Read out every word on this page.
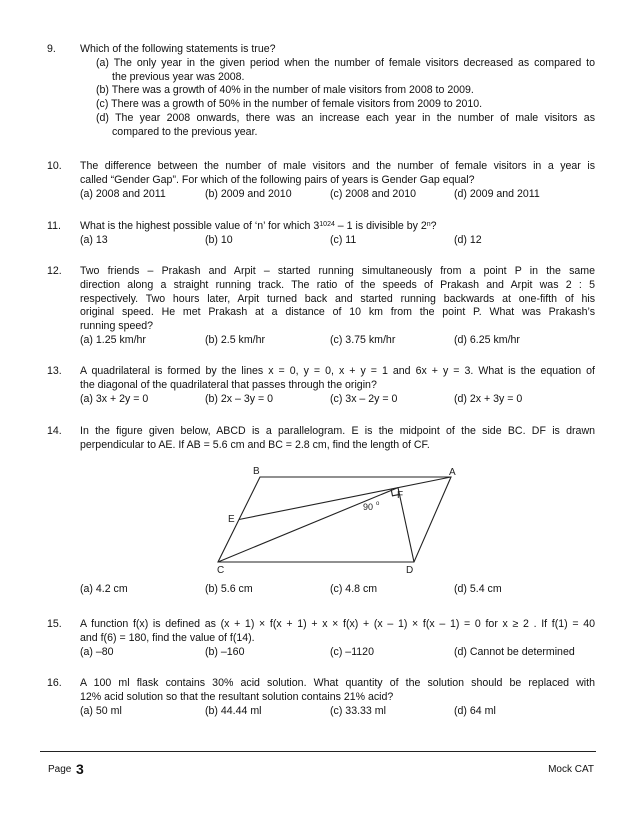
9. Which of the following statements is true?
(a) The only year in the given period when the number of female visitors decreased as compared to
the previous year was 2008.
(b) There was a growth of 40% in the number of male visitors from 2008 to 2009.
(c) There was a growth of 50% in the number of female visitors from 2009 to 2010.
(d) The year 2008 onwards, there was an increase each year in the number of male visitors as
compared to the previous year.
10. The difference between the number of male visitors and the number of female visitors in a year is
called “Gender Gap”. For which of the following pairs of years is Gender Gap equal?
(a) 2008 and 2011	(b) 2009 and 2010	(c) 2008 and 2010	(d) 2009 and 2011
11. What is the highest possible value of ‘n’ for which $3^{1024} - 1$ is divisible by 2$^n$?
(a) 13	(b) 10	(c) 11	(d) 12
12. Two friends – Prakash and Arpit – started running simultaneously from a point P in the same
direction along a straight running track. The ratio of the speeds of Prakash and Arpit was 2 : 5
respectively. Two hours later, Arpit turned back and started running backwards at one-fifth of his
original speed. He met Prakash at a distance of 10 km from the point P. What was Prakash’s
running speed?
(a) 1.25 km/hr	(b) 2.5 km/hr	(c) 3.75 km/hr	(d) 6.25 km/hr
13. A quadrilateral is formed by the lines x = 0, y = 0, x + y = 1 and 6x + y = 3. What is the equation of
the diagonal of the quadrilateral that passes through the origin?
(a) 3x + 2y = 0	(b) 2x – 3y = 0	(c) 3x – 2y = 0	(d) 2x + 3y = 0
14. In the figure given below, ABCD is a parallelogram. E is the midpoint of the side BC. DF is drawn
perpendicular to AE. If AB = 5.6 cm and BC = 2.8 cm, find the length of CF.
B	A
E
F
C	D
90 o
(a) 4.2 cm	(b) 5.6 cm	(c) 4.8 cm	(d) 5.4 cm
15. A function f(x) is defined as (x + 1) × f(x + 1) + x × f(x) + (x – 1) × f(x – 1) = 0 for x ≥ 2 . If f(1) = 40
and f(6) = 180, find the value of f(14).
(a) –80	(b) –160	(c) –1120	(d) Cannot be determined
16. A 100 ml flask contains 30% acid solution. What quantity of the solution should be replaced with
12% acid solution so that the resultant solution contains 21% acid?
(a) 50 ml	(b) 44.44 ml	(c) 33.33 ml	(d) 64 ml
Page 3	Mock CAT
